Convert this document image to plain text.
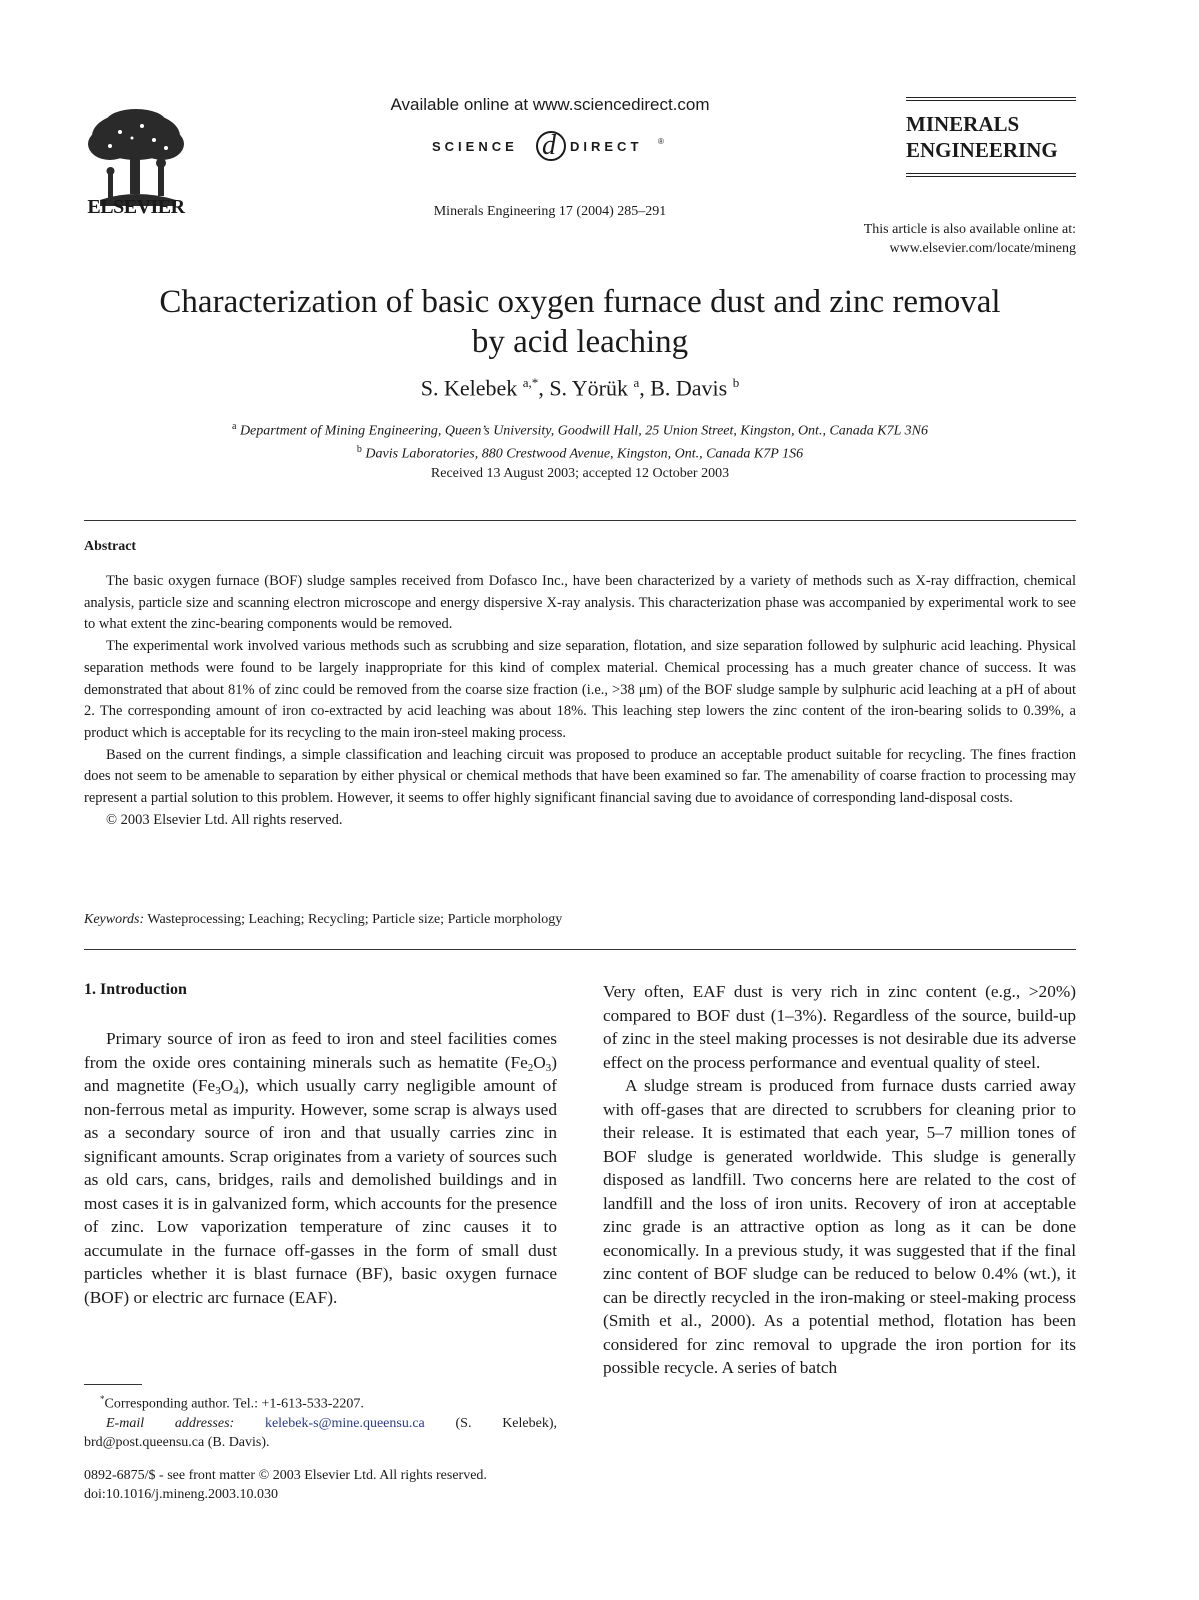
ELSEVIER
Available online at www.sciencedirect.com
SCIENCE d DIRECT ®
Minerals Engineering 17 (2004) 285–291
MINERALS
ENGINEERING
This article is also available online at:
www.elsevier.com/locate/mineng
Characterization of basic oxygen furnace dust and zinc removal
by acid leaching
S. Kelebek $^{a,*}$, S. Yörük $^a$, B. Davis $^b$
$^a$ Department of Mining Engineering, Queen’s University, Goodwill Hall, 25 Union Street, Kingston, Ont., Canada K7L 3N6
$^b$ Davis Laboratories, 880 Crestwood Avenue, Kingston, Ont., Canada K7P 1S6
Received 13 August 2003; accepted 12 October 2003
Abstract

The basic oxygen furnace (BOF) sludge samples received from Dofasco Inc., have been characterized by a variety of methods such as X-ray diffraction, chemical analysis, particle size and scanning electron microscope and energy dispersive X-ray analysis. This characterization phase was accompanied by experimental work to see to what extent the zinc-bearing components would be removed.

The experimental work involved various methods such as scrubbing and size separation, flotation, and size separation followed by sulphuric acid leaching. Physical separation methods were found to be largely inappropriate for this kind of complex material. Chemical processing has a much greater chance of success. It was demonstrated that about 81% of zinc could be removed from the coarse size fraction (i.e., >38 μm) of the BOF sludge sample by sulphuric acid leaching at a pH of about 2. The corresponding amount of iron co-extracted by acid leaching was about 18%. This leaching step lowers the zinc content of the iron-bearing solids to 0.39%, a product which is acceptable for its recycling to the main iron-steel making process.

Based on the current findings, a simple classification and leaching circuit was proposed to produce an acceptable product suitable for recycling. The fines fraction does not seem to be amenable to separation by either physical or chemical methods that have been examined so far. The amenability of coarse fraction to processing may represent a partial solution to this problem. However, it seems to offer highly significant financial saving due to avoidance of corresponding land-disposal costs.

© 2003 Elsevier Ltd. All rights reserved.

Keywords: Wasteprocessing; Leaching; Recycling; Particle size; Particle morphology
1. Introduction

Primary source of iron as feed to iron and steel facilities comes from the oxide ores containing minerals such as hematite $(Fe_2O_3)$ and magnetite $(Fe_3O_4)$, which usually carry negligible amount of non-ferrous metal as impurity. However, some scrap is always used as a secondary source of iron and that usually carries zinc in significant amounts. Scrap originates from a variety of sources such as old cars, cans, bridges, rails and demolished buildings and in most cases it is in galvanized form, which accounts for the presence of zinc. Low vaporization temperature of zinc causes it to accumulate in the furnace off-gasses in the form of small dust particles whether it is blast furnace (BF), basic oxygen furnace (BOF) or electric arc furnace (EAF).

Very often, EAF dust is very rich in zinc content (e.g., >20%) compared to BOF dust (1–3%). Regardless of the source, build-up of zinc in the steel making processes is not desirable due its adverse effect on the process performance and eventual quality of steel.

A sludge stream is produced from furnace dusts carried away with off-gases that are directed to scrubbers for cleaning prior to their release. It is estimated that each year, 5–7 million tones of BOF sludge is generated worldwide. This sludge is generally disposed as landfill. Two concerns here are related to the cost of landfill and the loss of iron units. Recovery of iron at acceptable zinc grade is an attractive option as long as it can be done economically. In a previous study, it was suggested that if the final zinc content of BOF sludge can be reduced to below 0.4% (wt.), it can be directly recycled in the iron-making or steel-making process (Smith et al., 2000). As a potential method, flotation has been considered for zinc removal to upgrade the iron portion for its possible recycle. A series of batch

*Corresponding author. Tel.: +1-613-533-2207.
E-mail addresses: kelebek-s@mine.queensu.ca (S. Kelebek), brd@post.queensu.ca (B. Davis).
0892-6875/$ - see front matter © 2003 Elsevier Ltd. All rights reserved.
doi:10.1016/j.mineng.2003.10.030
